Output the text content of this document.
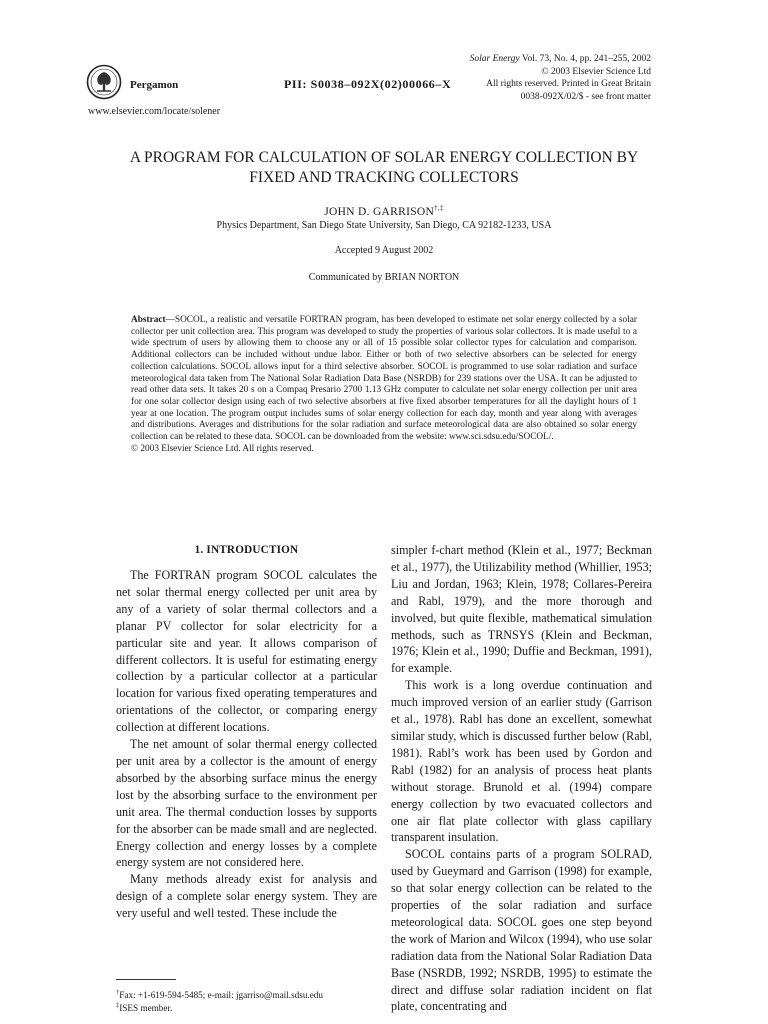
Pergamon
www.elsevier.com/locate/solener
PII: S0038–092X(02)00066–X
Solar Energy Vol. 73, No. 4, pp. 241–255, 2002
© 2003 Elsevier Science Ltd
All rights reserved. Printed in Great Britain
0038-092X/02/$ - see front matter
A PROGRAM FOR CALCULATION OF SOLAR ENERGY COLLECTION BY
FIXED AND TRACKING COLLECTORS
JOHN D. GARRISON†,‡
Physics Department, San Diego State University, San Diego, CA 92182-1233, USA
Accepted 9 August 2002
Communicated by BRIAN NORTON
Abstract—SOCOL, a realistic and versatile FORTRAN program, has been developed to estimate net solar energy collected by a solar collector per unit collection area. This program was developed to study the properties of various solar collectors. It is made useful to a wide spectrum of users by allowing them to choose any or all of 15 possible solar collector types for calculation and comparison. Additional collectors can be included without undue labor. Either or both of two selective absorbers can be selected for energy collection calculations. SOCOL allows input for a third selective absorber. SOCOL is programmed to use solar radiation and surface meteorological data taken from The National Solar Radiation Data Base (NSRDB) for 239 stations over the USA. It can be adjusted to read other data sets. It takes 20 s on a Compaq Presario 2700 1.13 GHz computer to calculate net solar energy collection per unit area for one solar collector design using each of two selective absorbers at five fixed absorber temperatures for all the daylight hours of 1 year at one location. The program output includes sums of solar energy collection for each day, month and year along with averages and distributions. Averages and distributions for the solar radiation and surface meteorological data are also obtained so solar energy collection can be related to these data. SOCOL can be downloaded from the website: www.sci.sdsu.edu/SOCOL/.
© 2003 Elsevier Science Ltd. All rights reserved.
1. INTRODUCTION

The FORTRAN program SOCOL calculates the net solar thermal energy collected per unit area by any of a variety of solar thermal collectors and a planar PV collector for solar electricity for a particular site and year. It allows comparison of different collectors. It is useful for estimating energy collection by a particular collector at a particular location for various fixed operating temperatures and orientations of the collector, or comparing energy collection at different locations.

The net amount of solar thermal energy collected per unit area by a collector is the amount of energy absorbed by the absorbing surface minus the energy lost by the absorbing surface to the environment per unit area. The thermal conduction losses by supports for the absorber can be made small and are neglected. Energy collection and energy losses by a complete energy system are not considered here.

Many methods already exist for analysis and design of a complete solar energy system. They are very useful and well tested. These include the

simpler f-chart method (Klein et al., 1977; Beckman et al., 1977), the Utilizability method (Whillier, 1953; Liu and Jordan, 1963; Klein, 1978; Collares-Pereira and Rabl, 1979), and the more thorough and involved, but quite flexible, mathematical simulation methods, such as TRNSYS (Klein and Beckman, 1976; Klein et al., 1990; Duffie and Beckman, 1991), for example.

This work is a long overdue continuation and much improved version of an earlier study (Garrison et al., 1978). Rabl has done an excellent, somewhat similar study, which is discussed further below (Rabl, 1981). Rabl’s work has been used by Gordon and Rabl (1982) for an analysis of process heat plants without storage. Brunold et al. (1994) compare energy collection by two evacuated collectors and one air flat plate collector with glass capillary transparent insulation.

SOCOL contains parts of a program SOLRAD, used by Gueymard and Garrison (1998) for example, so that solar energy collection can be related to the properties of the solar radiation and surface meteorological data. SOCOL goes one step beyond the work of Marion and Wilcox (1994), who use solar radiation data from the National Solar Radiation Data Base (NSRDB, 1992; NSRDB, 1995) to estimate the direct and diffuse solar radiation incident on flat plate, concentrating and

†Fax: +1-619-594-5485; e-mail: jgarriso@mail.sdsu.edu
‡ISES member.
